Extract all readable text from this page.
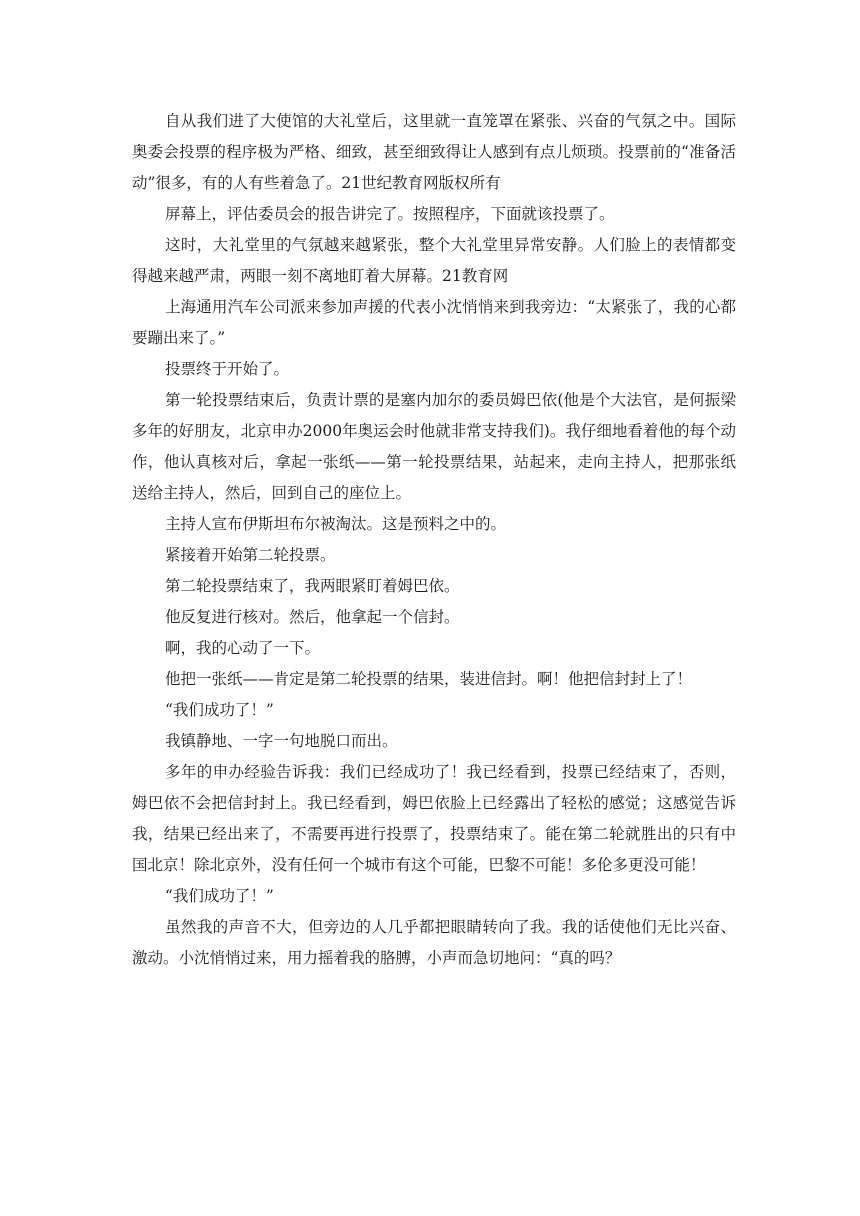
自从我们进了大使馆的大礼堂后，这里就一直笼罩在紧张、兴奋的气氛之中。国际奥委会投票的程序极为严格、细致，甚至细致得让人感到有点儿烦琐。投票前的“准备活动”很多，有的人有些着急了。21世纪教育网版权所有

屏幕上，评估委员会的报告讲完了。按照程序，下面就该投票了。

这时，大礼堂里的气氛越来越紧张，整个大礼堂里异常安静。人们脸上的表情都变得越来越严肃，两眼一刻不离地盯着大屏幕。21教育网

上海通用汽车公司派来参加声援的代表小沈悄悄来到我旁边：“太紧张了，我的心都要蹦出来了。”

投票终于开始了。

第一轮投票结束后，负责计票的是塞内加尔的委员姆巴依(他是个大法官，是何振梁多年的好朋友，北京申办2000年奥运会时他就非常支持我们)。我仔细地看着他的每个动作，他认真核对后，拿起一张纸——第一轮投票结果，站起来，走向主持人，把那张纸送给主持人，然后，回到自己的座位上。

主持人宣布伊斯坦布尔被淘汰。这是预料之中的。

紧接着开始第二轮投票。

第二轮投票结束了，我两眼紧盯着姆巴依。

他反复进行核对。然后，他拿起一个信封。

啊，我的心动了一下。

他把一张纸——肯定是第二轮投票的结果，装进信封。啊！他把信封封上了！

“我们成功了！”

我镇静地、一字一句地脱口而出。

多年的申办经验告诉我：我们已经成功了！我已经看到，投票已经结束了，否则，姆巴依不会把信封封上。我已经看到，姆巴依脸上已经露出了轻松的感觉；这感觉告诉我，结果已经出来了，不需要再进行投票了，投票结束了。能在第二轮就胜出的只有中国北京！除北京外，没有任何一个城市有这个可能，巴黎不可能！多伦多更没可能！

“我们成功了！”

虽然我的声音不大，但旁边的人几乎都把眼睛转向了我。我的话使他们无比兴奋、激动。小沈悄悄过来，用力摇着我的胳膊，小声而急切地问：“真的吗？
